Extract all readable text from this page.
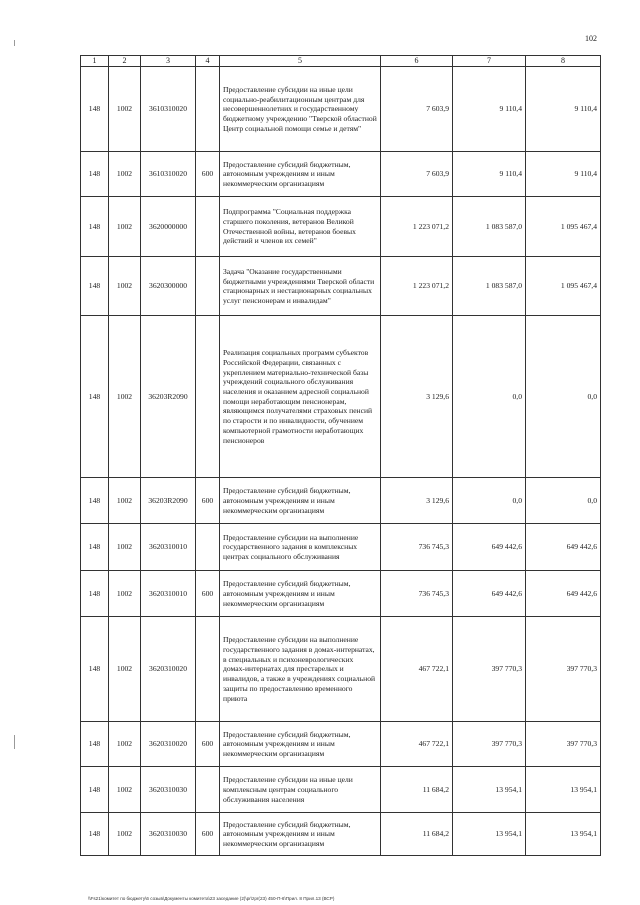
102
1	2	3	4	5	6	7	8
148	1002	3610310020		Предоставление субсидии на иные цели социально-реабилитационным центрам для несовершеннолетних и государственному бюджетному учреждению "Тверской областной Центр социальной помощи семье и детям"	7 603,9	9 110,4	9 110,4
148	1002	3610310020	600	Предоставление субсидий бюджетным, автономным учреждениям и иным некоммерческим организациям	7 603,9	9 110,4	9 110,4
148	1002	3620000000		Подпрограмма "Социальная поддержка старшего поколения, ветеранов Великой Отечественной войны, ветеранов боевых действий и членов их семей"	1 223 071,2	1 083 587,0	1 095 467,4
148	1002	3620300000		Задача "Оказание государственными бюджетными учреждениями Тверской области стационарных и нестационарных социальных услуг пенсионерам и инвалидам"	1 223 071,2	1 083 587,0	1 095 467,4
148	1002	36203R2090		Реализация социальных программ субъектов Российской Федерации, связанных с укреплением материально-технической базы учреждений социального обслуживания населения и оказанием адресной социальной помощи неработающим пенсионерам, являющимся получателями страховых пенсий по старости и по инвалидности, обучением компьютерной грамотности неработающих пенсионеров	3 129,6	0,0	0,0
148	1002	36203R2090	600	Предоставление субсидий бюджетным, автономным учреждениям и иным некоммерческим организациям	3 129,6	0,0	0,0
148	1002	3620310010		Предоставление субсидии на выполнение государственного задания в комплексных центрах социального обслуживания	736 745,3	649 442,6	649 442,6
148	1002	3620310010	600	Предоставление субсидий бюджетным, автономным учреждениям и иным некоммерческим организациям	736 745,3	649 442,6	649 442,6
148	1002	3620310020		Предоставление субсидии на выполнение государственного задания в домах-интернатах, в специальных и психоневрологических домах-интернатах для престарелых и инвалидов, а также в учреждениях социальной защиты по предоставлению временного приюта	467 722,1	397 770,3	397 770,3
148	1002	3620310020	600	Предоставление субсидий бюджетным, автономным учреждениям и иным некоммерческим организациям	467 722,1	397 770,3	397 770,3
148	1002	3620310030		Предоставление субсидии на иные цели комплексным центрам социального обслуживания населения	11 684,2	13 954,1	13 954,1
148	1002	3620310030	600	Предоставление субсидий бюджетным, автономным учреждениям и иным некоммерческим организациям	11 684,2	13 954,1	13 954,1
\\Fs21\комитет по бюджету\6 созыв\Документы комитета\23 заседание (2)\pr\zpr(23) 450-П-6\Прил. 8 Прил.13 (ВСР)
